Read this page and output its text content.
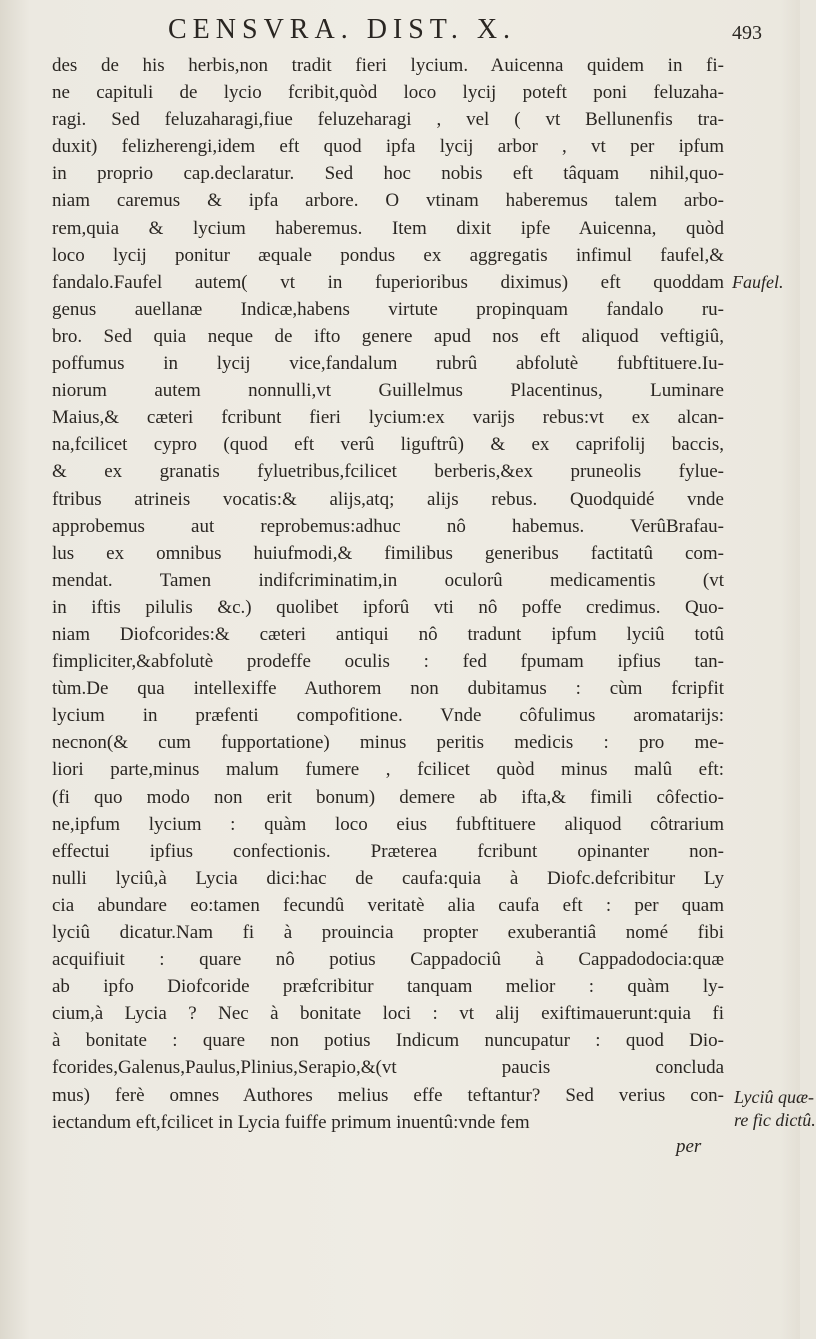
CENSVRA. DIST. X.	493
des de his herbis,non tradit fieri lycium. Auicenna quidem in fi-
ne capituli de lycio fcribit,quòd loco lycij poteft poni feluzaha-
ragi. Sed feluzaharagi,fiue feluzeharagi , vel ( vt Bellunenfis tra-
duxit) felizherengi,idem eft quod ipfa lycij arbor , vt per ipfum
in proprio cap.declaratur. Sed hoc nobis eft tâquam nihil,quo-
niam caremus & ipfa arbore. O vtinam haberemus talem arbo-
rem,quia & lycium haberemus. Item dixit ipfe Auicenna, quòd
loco lycij ponitur æquale pondus ex aggregatis infimul faufel,&
fandalo.Faufel autem( vt in fuperioribus diximus) eft quoddam
genus auellanæ Indicæ,habens virtute propinquam fandalo ru-
bro. Sed quia neque de ifto genere apud nos eft aliquod veftigiû,
poffumus in lycij vice,fandalum rubrû abfolutè fubftituere.Iu-
niorum autem nonnulli,vt Guillelmus Placentinus, Luminare
Maius,& cæteri fcribunt fieri lycium:ex varijs rebus:vt ex alcan-
na,fcilicet cypro (quod eft verû liguftrû) & ex caprifolij baccis,
& ex granatis fyluetribus,fcilicet berberis,&ex pruneolis fylue-
ftribus atrineis vocatis:& alijs,atq; alijs rebus. Quodquidé vnde
approbemus aut reprobemus:adhuc nô habemus. VerûBrafau-
lus ex omnibus huiufmodi,& fimilibus generibus factitatû com-
mendat. Tamen indifcriminatim,in oculorû medicamentis (vt
in iftis pilulis &c.) quolibet ipforû vti nô poffe credimus. Quo-
niam Diofcorides:& cæteri antiqui nô tradunt ipfum lyciû totû
fimpliciter,&abfolutè prodeffe oculis : fed fpumam ipfius tan-
tùm.De qua intellexiffe Authorem non dubitamus : cùm fcripfit
lycium in præfenti compofitione. Vnde côfulimus aromatarijs:
necnon(& cum fupportatione) minus peritis medicis : pro me-
liori parte,minus malum fumere , fcilicet quòd minus malû eft:
(fi quo modo non erit bonum) demere ab ifta,& fimili côfectio-
ne,ipfum lycium : quàm loco eius fubftituere aliquod côtrarium
effectui ipfius confectionis. Præterea fcribunt opinanter non-
nulli lyciû,à Lycia dici:hac de caufa:quia à Diofc.defcribitur Ly
cia abundare eo:tamen fecundû veritatè alia caufa eft : per quam
lyciû dicatur.Nam fi à prouincia propter exuberantiâ nomé fibi
acquifiuit : quare nô potius Cappadociû à Cappadodocia:quæ
ab ipfo Diofcoride præfcribitur tanquam melior : quàm ly-
cium,à Lycia ? Nec à bonitate loci : vt alij exiftimauerunt:quia fi
à bonitate : quare non potius Indicum nuncupatur : quod Dio-
fcorides,Galenus,Paulus,Plinius,Serapio,&(vt paucis concluda
mus) ferè omnes Authores melius effe teftantur? Sed verius con-
iectandum eft,fcilicet in Lycia fuiffe primum inuentû:vnde fem
Faufel.
Lyciû quæ-
re fic dictû.
per
